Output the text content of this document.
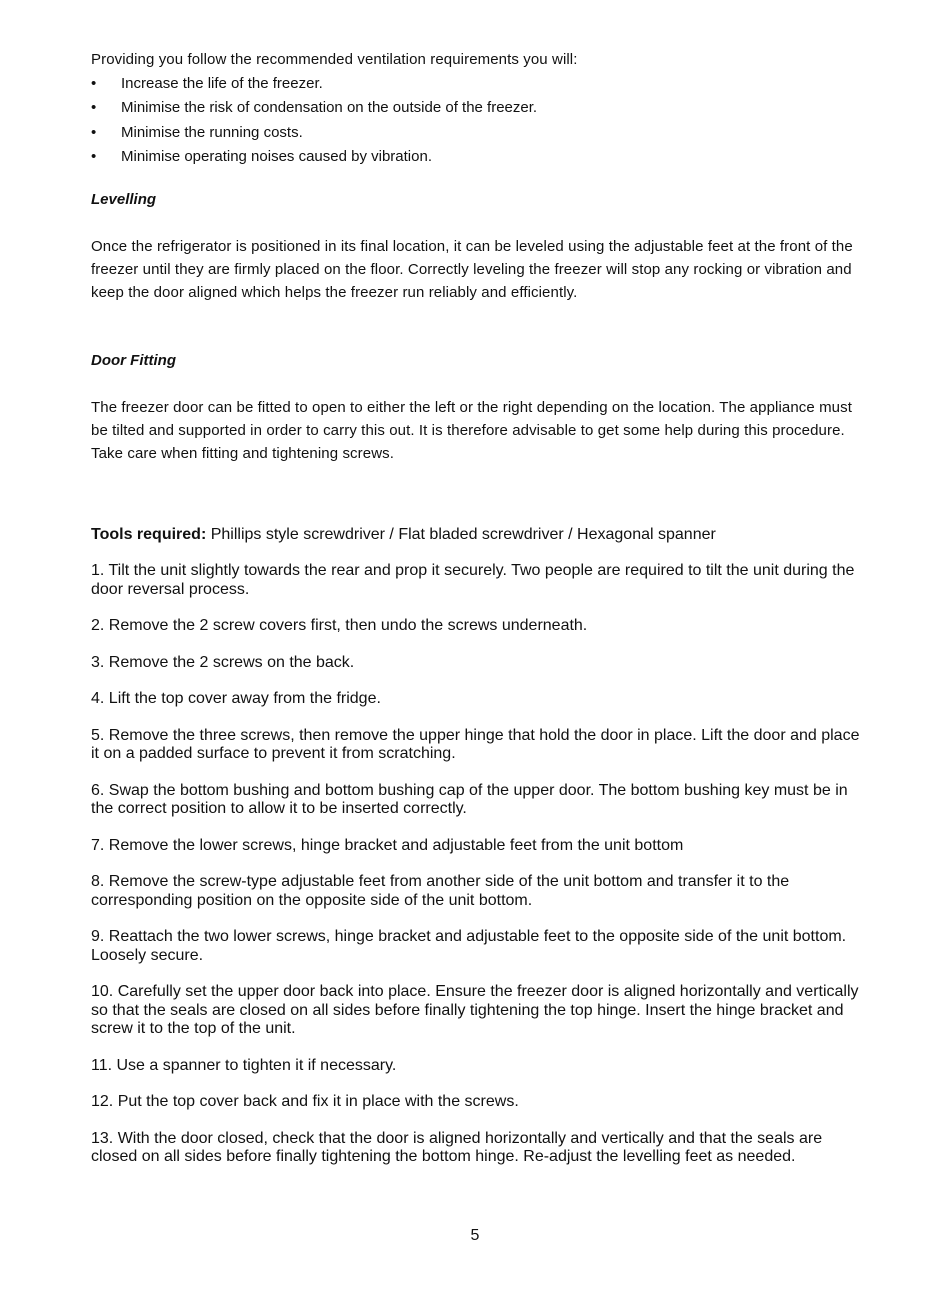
Providing you follow the recommended ventilation requirements you will:
• Increase the life of the freezer.
• Minimise the risk of condensation on the outside of the freezer.
• Minimise the running costs.
• Minimise operating noises caused by vibration.
Levelling
Once the refrigerator is positioned in its final location, it can be leveled using the adjustable feet at the front of the freezer until they are firmly placed on the floor. Correctly leveling the freezer will stop any rocking or vibration and keep the door aligned which helps the freezer run reliably and efficiently.
Door Fitting
The freezer door can be fitted to open to either the left or the right depending on the location. The appliance must be tilted and supported in order to carry this out. It is therefore advisable to get some help during this procedure. Take care when fitting and tightening screws.
Tools required: Phillips style screwdriver / Flat bladed screwdriver / Hexagonal spanner

1. Tilt the unit slightly towards the rear and prop it securely. Two people are required to tilt the unit during the door reversal process.

2. Remove the 2 screw covers first, then undo the screws underneath.

3. Remove the 2 screws on the back.

4. Lift the top cover away from the fridge.

5. Remove the three screws, then remove the upper hinge that hold the door in place. Lift the door and place it on a padded surface to prevent it from scratching.

6. Swap the bottom bushing and bottom bushing cap of the upper door. The bottom bushing key must be in the correct position to allow it to be inserted correctly.

7. Remove the lower screws, hinge bracket and adjustable feet from the unit bottom

8. Remove the screw-type adjustable feet from another side of the unit bottom and transfer it to the corresponding position on the opposite side of the unit bottom.

9. Reattach the two lower screws, hinge bracket and adjustable feet to the opposite side of the unit bottom. Loosely secure.

10. Carefully set the upper door back into place. Ensure the freezer door is aligned horizontally and vertically so that the seals are closed on all sides before finally tightening the top hinge. Insert the hinge bracket and screw it to the top of the unit.

11. Use a spanner to tighten it if necessary.

12. Put the top cover back and fix it in place with the screws.

13. With the door closed, check that the door is aligned horizontally and vertically and that the seals are closed on all sides before finally tightening the bottom hinge. Re-adjust the levelling feet as needed.

5
